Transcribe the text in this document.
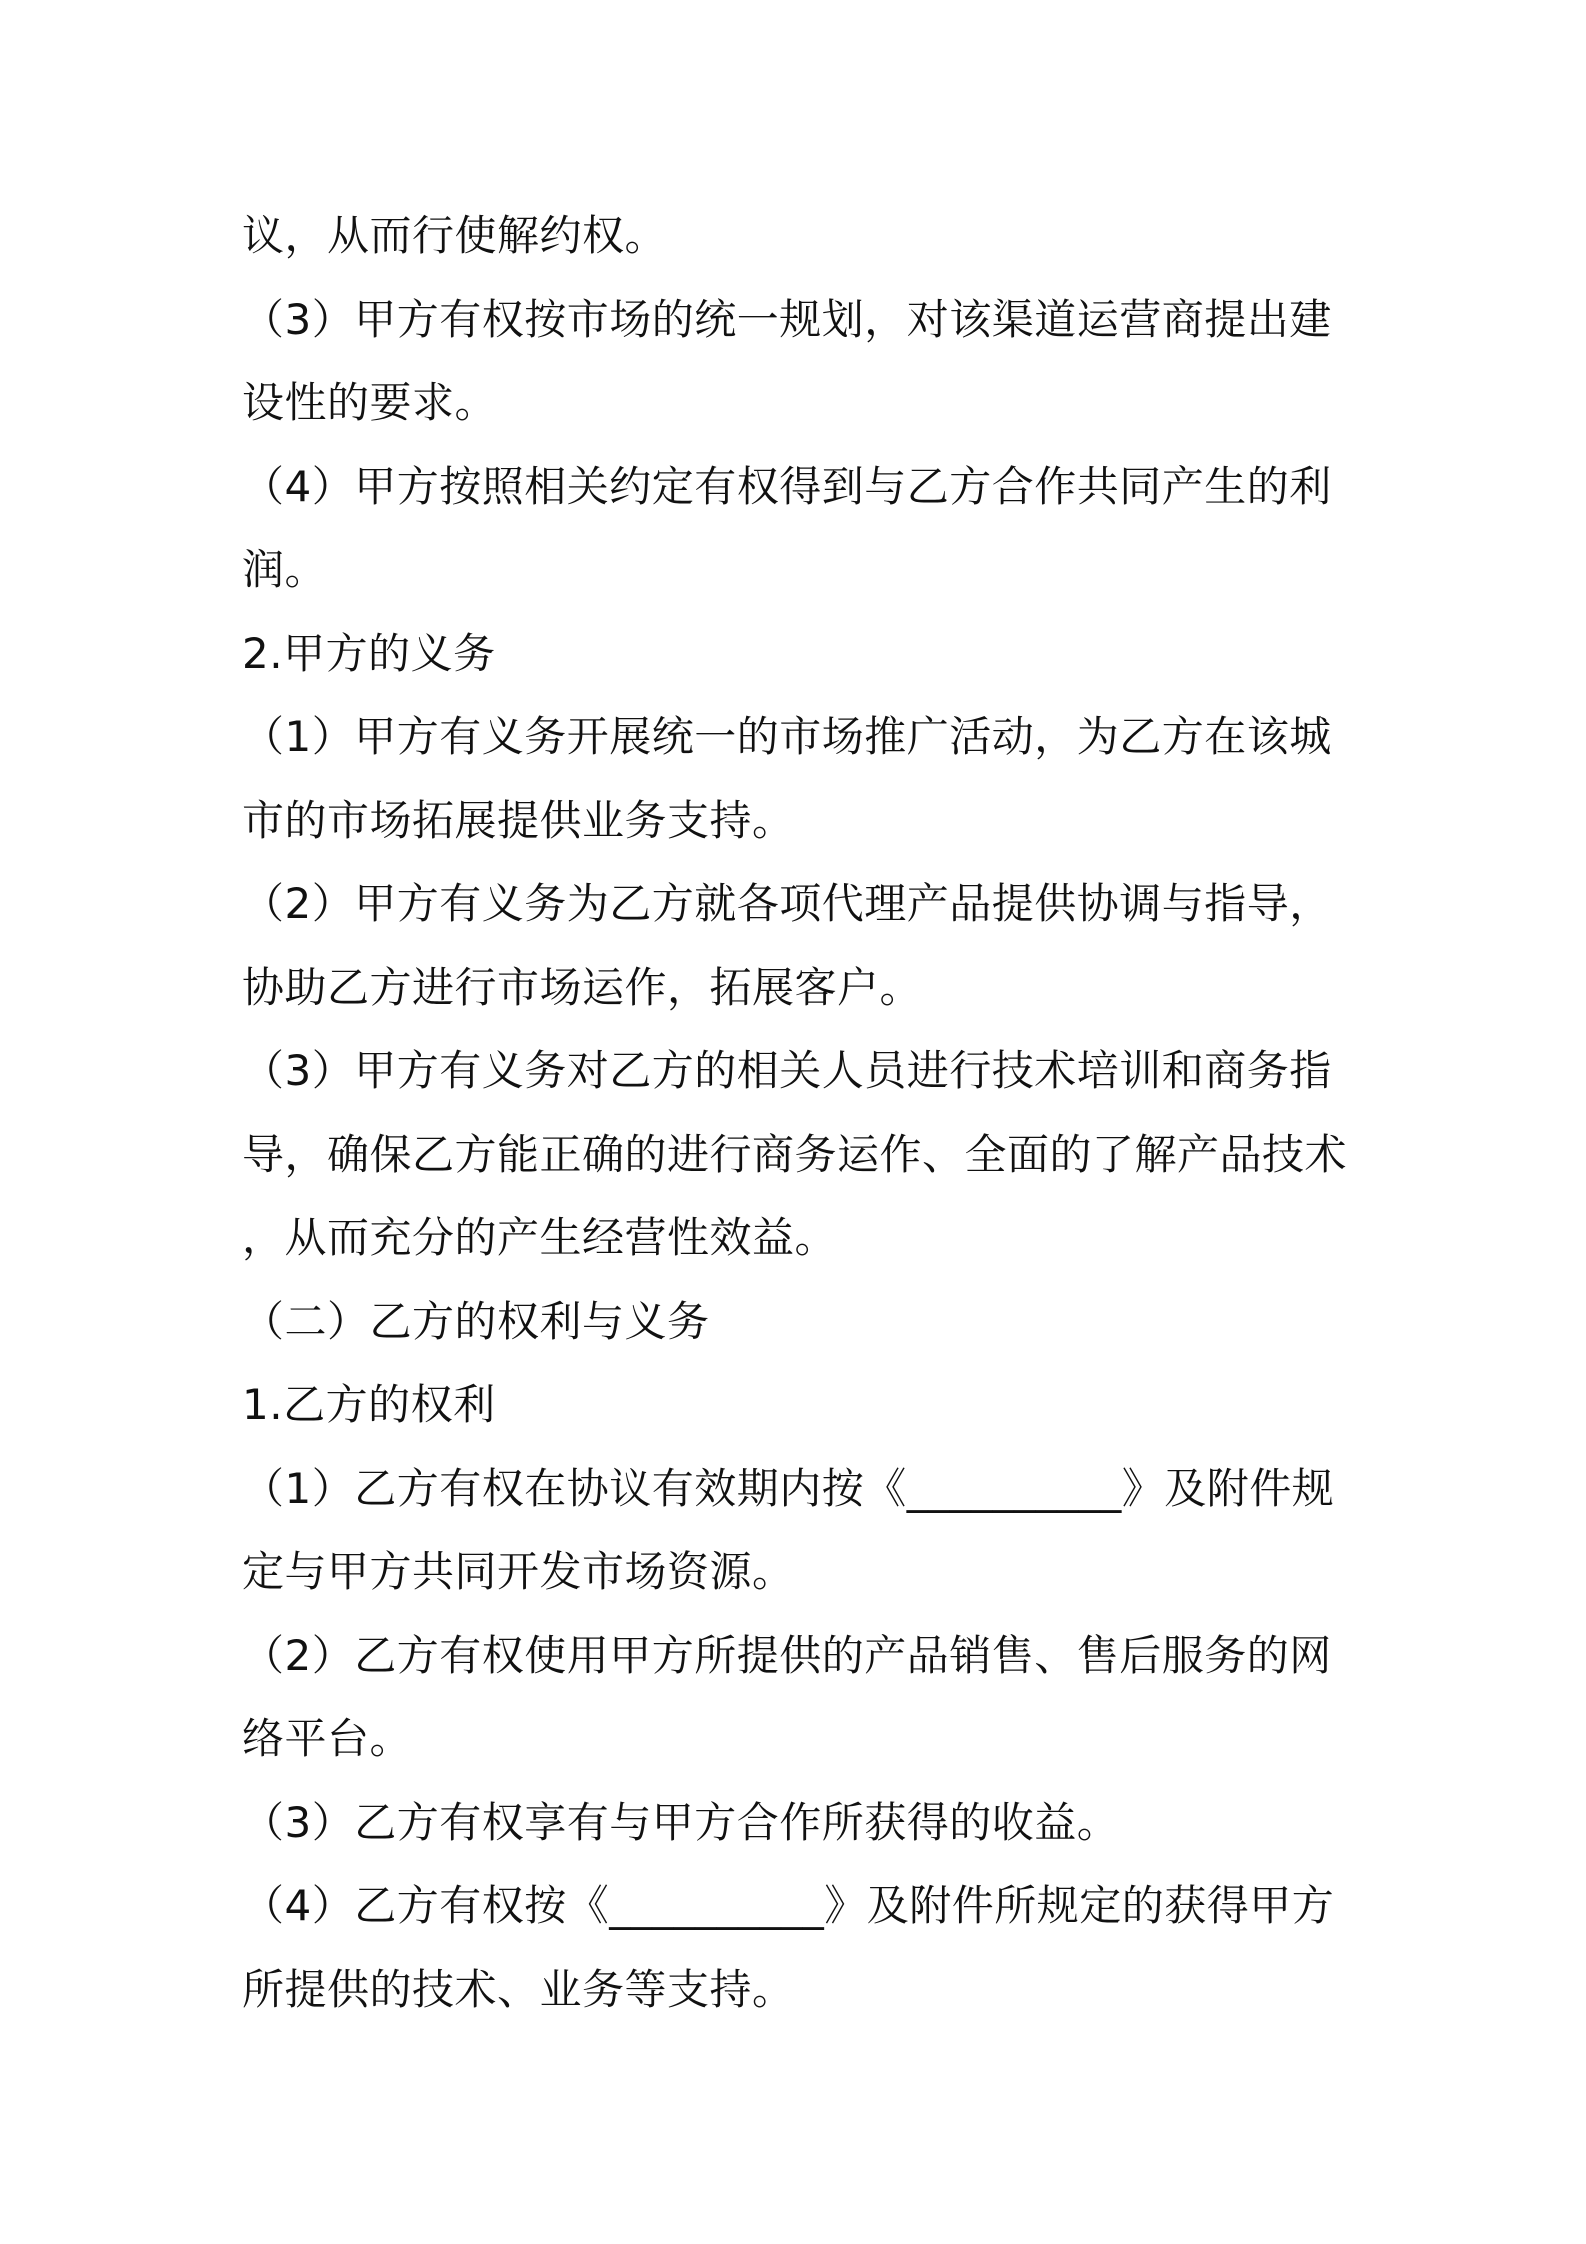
议，从而行使解约权。
（3）甲方有权按市场的统一规划，对该渠道运营商提出建
设性的要求。
（4）甲方按照相关约定有权得到与乙方合作共同产生的利
润。
2.甲方的义务
（1）甲方有义务开展统一的市场推广活动，为乙方在该城
市的市场拓展提供业务支持。
（2）甲方有义务为乙方就各项代理产品提供协调与指导，
协助乙方进行市场运作，拓展客户。
（3）甲方有义务对乙方的相关人员进行技术培训和商务指
导，确保乙方能正确的进行商务运作、全面的了解产品技术
，从而充分的产生经营性效益。
（二）乙方的权利与义务
1.乙方的权利
（1）乙方有权在协议有效期内按《__________》及附件规
定与甲方共同开发市场资源。
（2）乙方有权使用甲方所提供的产品销售、售后服务的网
络平台。
（3）乙方有权享有与甲方合作所获得的收益。
（4）乙方有权按《__________》及附件所规定的获得甲方
所提供的技术、业务等支持。
